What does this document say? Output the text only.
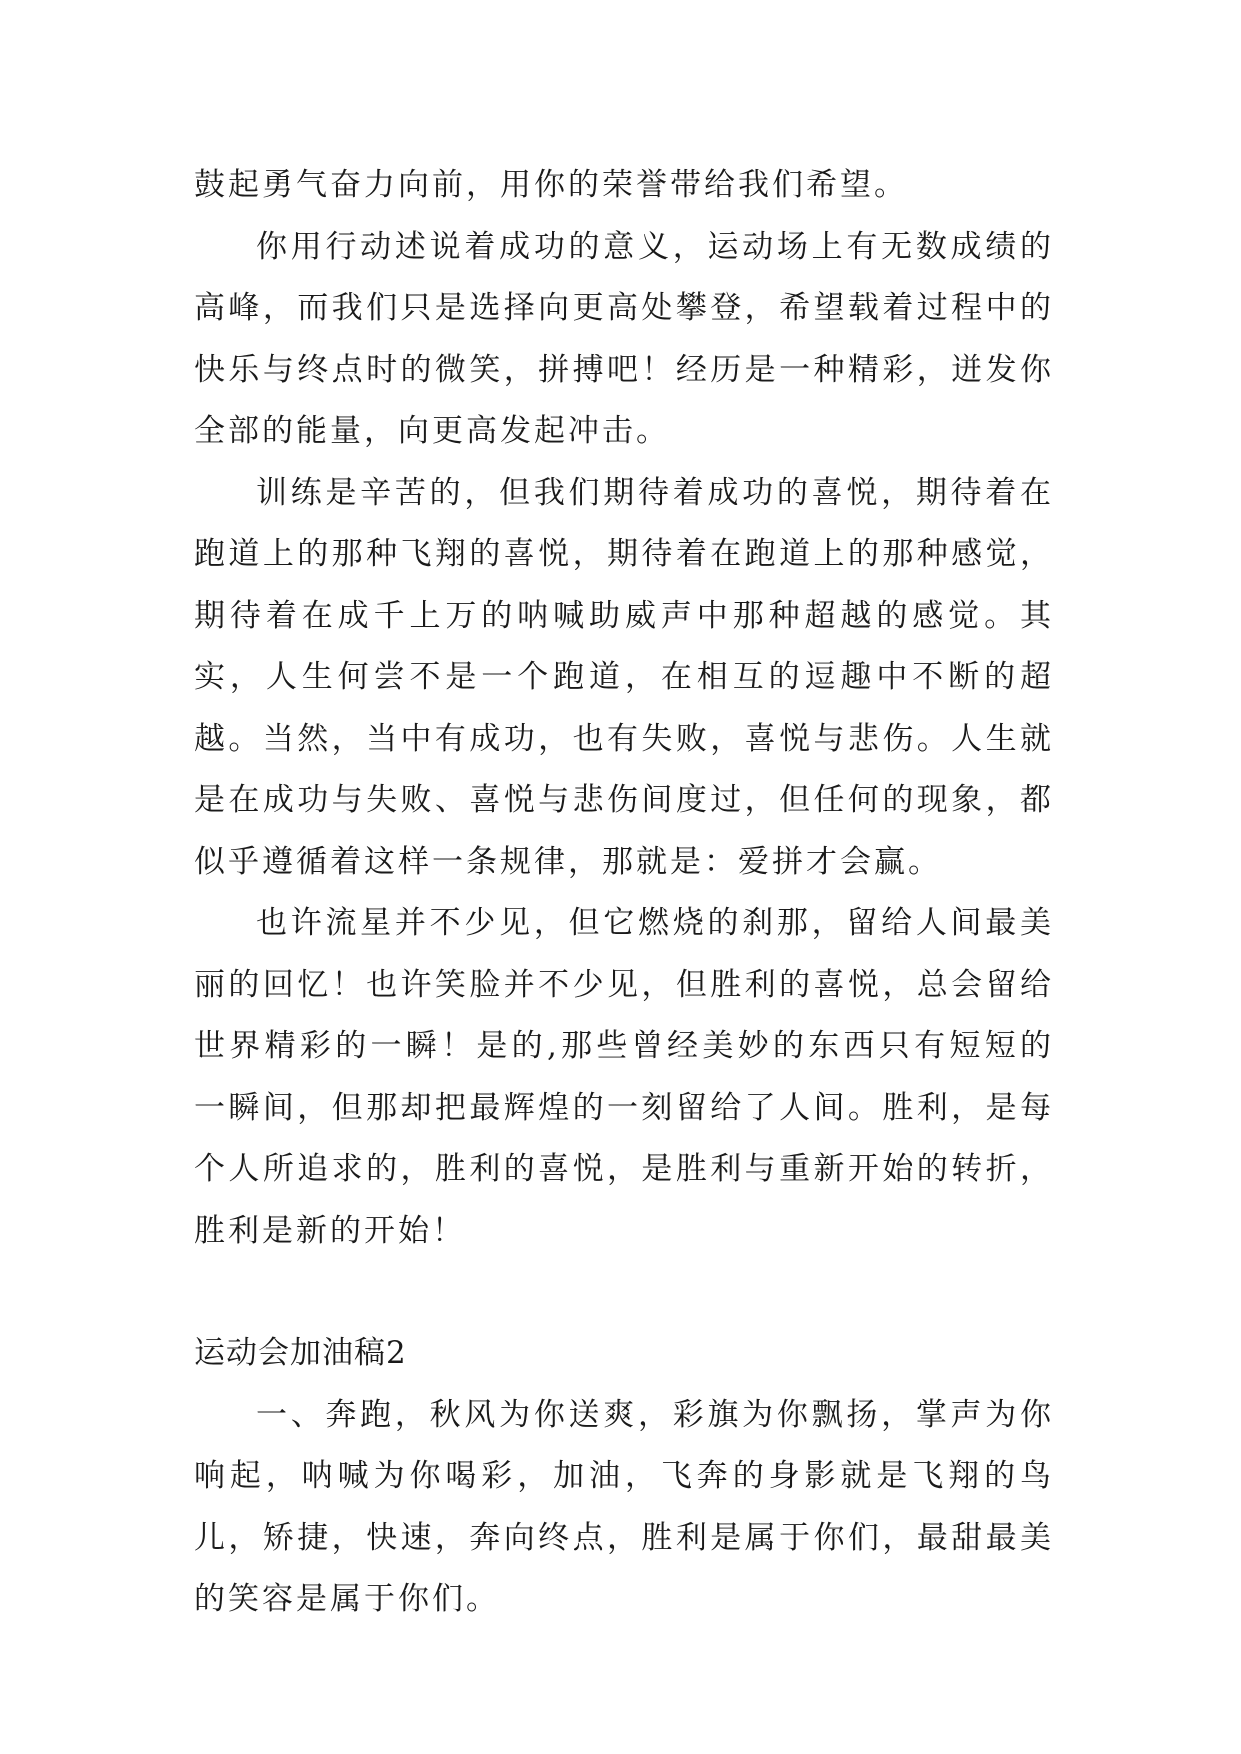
鼓起勇气奋力向前，用你的荣誉带给我们希望。

你用行动述说着成功的意义，运动场上有无数成绩的高峰，而我们只是选择向更高处攀登，希望载着过程中的快乐与终点时的微笑，拼搏吧！经历是一种精彩，迸发你全部的能量，向更高发起冲击。

训练是辛苦的，但我们期待着成功的喜悦，期待着在跑道上的那种飞翔的喜悦，期待着在跑道上的那种感觉，期待着在成千上万的呐喊助威声中那种超越的感觉。其实，人生何尝不是一个跑道，在相互的逗趣中不断的超越。当然，当中有成功，也有失败，喜悦与悲伤。人生就是在成功与失败、喜悦与悲伤间度过，但任何的现象，都似乎遵循着这样一条规律，那就是：爱拼才会赢。

也许流星并不少见，但它燃烧的刹那，留给人间最美丽的回忆！也许笑脸并不少见，但胜利的喜悦，总会留给世界精彩的一瞬！是的,那些曾经美妙的东西只有短短的一瞬间，但那却把最辉煌的一刻留给了人间。胜利，是每个人所追求的，胜利的喜悦，是胜利与重新开始的转折，胜利是新的开始！

运动会加油稿2

一、奔跑，秋风为你送爽，彩旗为你飘扬，掌声为你响起，呐喊为你喝彩，加油，飞奔的身影就是飞翔的鸟儿，矫捷，快速，奔向终点，胜利是属于你们，最甜最美的笑容是属于你们。
